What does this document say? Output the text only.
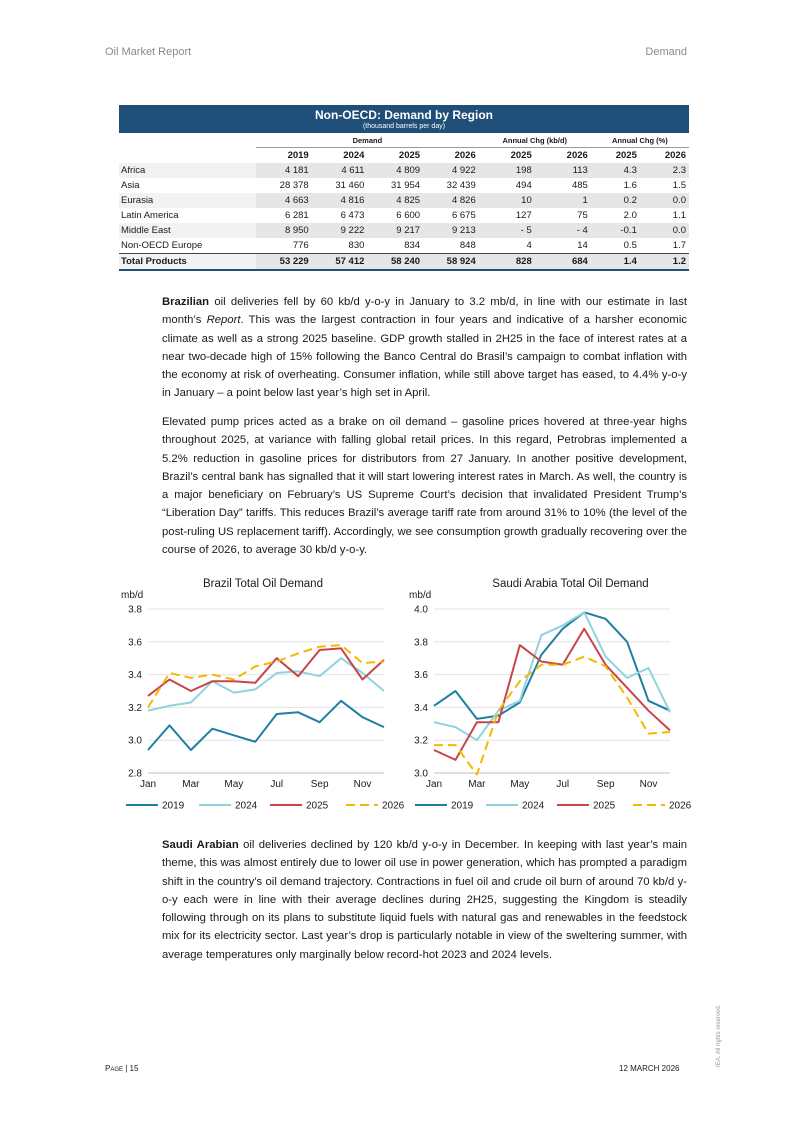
Oil Market Report	Demand
Non-OECD: Demand by Region
(thousand barrels per day)
	Demand				Annual Chg (kb/d)		Annual Chg (%)	
	2019	2024	2025	2026	2025	2026	2025	2026
Africa	4 181	4 611	4 809	4 922	198	113	4.3	2.3
Asia	28 378	31 460	31 954	32 439	494	485	1.6	1.5
Eurasia	4 663	4 816	4 825	4 826	10	1	0.2	0.0
Latin America	6 281	6 473	6 600	6 675	127	75	2.0	1.1
Middle East	8 950	9 222	9 217	9 213	- 5	- 4	-0.1	0.0
Non-OECD Europe	776	830	834	848	4	14	0.5	1.7
Total Products	53 229	57 412	58 240	58 924	828	684	1.4	1.2
Brazilian oil deliveries fell by 60 kb/d y-o-y in January to 3.2 mb/d, in line with our estimate in last month’s Report. This was the largest contraction in four years and indicative of a harsher economic climate as well as a strong 2025 baseline. GDP growth stalled in 2H25 in the face of interest rates at a near two-decade high of 15% following the Banco Central do Brasil’s campaign to combat inflation with the economy at risk of overheating. Consumer inflation, while still above target has eased, to 4.4% y-o-y in January – a point below last year’s high set in April.
Elevated pump prices acted as a brake on oil demand – gasoline prices hovered at three-year highs throughout 2025, at variance with falling global retail prices. In this regard, Petrobras implemented a 5.2% reduction in gasoline prices for distributors from 27 January. In another positive development, Brazil’s central bank has signalled that it will start lowering interest rates in March. As well, the country is a major beneficiary on February’s US Supreme Court’s decision that invalidated President Trump’s “Liberation Day” tariffs. This reduces Brazil’s average tariff rate from around 31% to 10% (the level of the post-ruling US replacement tariff). Accordingly, we see consumption growth gradually recovering over the course of 2026, to average 30 kb/d y-o-y.
Brazil Total Oil Demand
mb/d
3.8
3.6
3.4
3.2
3.0
2.8
Jan	Mar May	Jul	Sep	Nov
2019	2024	2025	2026
Saudi Arabia Total Oil Demand
mb/d
4.0
3.8
3.6
3.4
3.2
3.0
Jan	Mar May	Jul	Sep	Nov
2019	2024	2025	2026
Saudi Arabian oil deliveries declined by 120 kb/d y-o-y in December. In keeping with last year’s main theme, this was almost entirely due to lower oil use in power generation, which has prompted a paradigm shift in the country’s oil demand trajectory. Contractions in fuel oil and crude oil burn of around 70 kb/d y-o-y each were in line with their average declines during 2H25, suggesting the Kingdom is steadily following through on its plans to substitute liquid fuels with natural gas and renewables in the feedstock mix for its electricity sector. Last year’s drop is particularly notable in view of the sweltering summer, with average temperatures only marginally below record-hot 2023 and 2024 levels.
Page | 15	12 MARCH 2026
IEA. All rights reserved.
